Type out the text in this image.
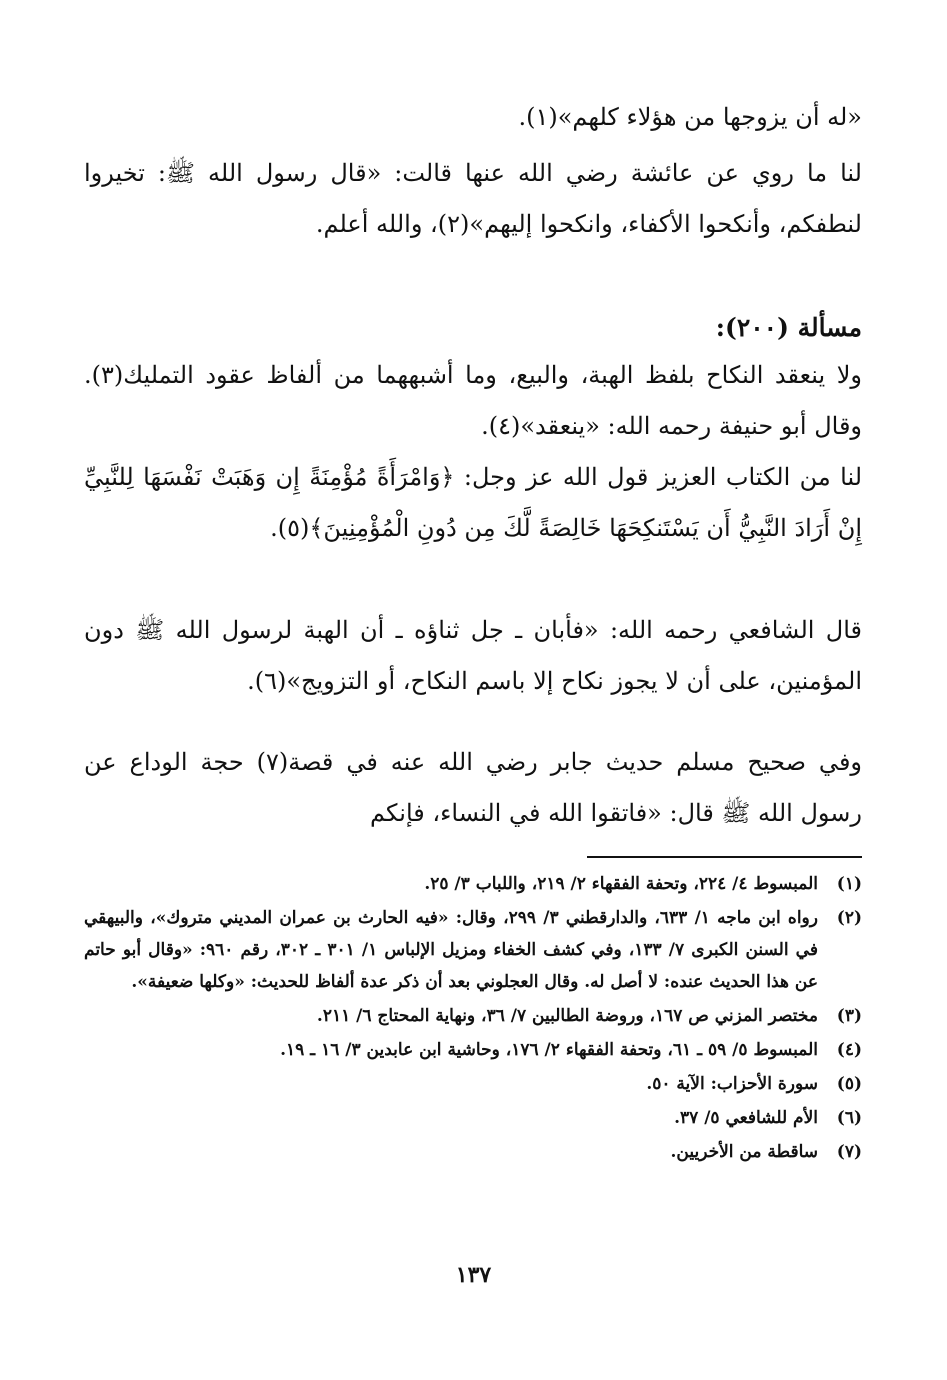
«له أن يزوجها من هؤلاء كلهم»(١).

لنا ما روي عن عائشة رضي الله عنها قالت: «قال رسول الله ﷺ: تخيروا لنطفكم، وأنكحوا الأكفاء، وانكحوا إليهم»(٢)، والله أعلم.

مسألة (٢٠٠):

ولا ينعقد النكاح بلفظ الهبة، والبيع، وما أشبههما من ألفاظ عقود التمليك(٣). وقال أبو حنيفة رحمه الله: «ينعقد»(٤).

لنا من الكتاب العزيز قول الله عز وجل: ﴿وَامْرَأَةً مُؤْمِنَةً إِن وَهَبَتْ نَفْسَهَا لِلنَّبِيِّ إِنْ أَرَادَ النَّبِيُّ أَن يَسْتَنكِحَهَا خَالِصَةً لَّكَ مِن دُونِ الْمُؤْمِنِينَ﴾(٥).

قال الشافعي رحمه الله: «فأبان ـ جل ثناؤه ـ أن الهبة لرسول الله ﷺ دون المؤمنين، على أن لا يجوز نكاح إلا باسم النكاح، أو التزويج»(٦).

وفي صحيح مسلم حديث جابر رضي الله عنه في قصة(٧) حجة الوداع عن رسول الله ﷺ قال: «فاتقوا الله في النساء، فإنكم

(١)
المبسوط ٤/ ٢٢٤، وتحفة الفقهاء ٢/ ٢١٩، واللباب ٣/ ٢٥.
(٢)
رواه ابن ماجه ١/ ٦٣٣، والدارقطني ٣/ ٢٩٩، وقال: «فيه الحارث بن عمران المديني متروك»، والبيهقي في السنن الكبرى ٧/ ١٣٣، وفي كشف الخفاء ومزيل الإلباس ١/ ٣٠١ ـ ٣٠٢، رقم ٩٦٠: «وقال أبو حاتم عن هذا الحديث عنده: لا أصل له. وقال العجلوني بعد أن ذكر عدة ألفاظ للحديث: «وكلها ضعيفة».
(٣)
مختصر المزني ص ١٦٧، وروضة الطالبين ٧/ ٣٦، ونهاية المحتاج ٦/ ٢١١.
(٤)
المبسوط ٥/ ٥٩ ـ ٦١، وتحفة الفقهاء ٢/ ١٧٦، وحاشية ابن عابدين ٣/ ١٦ ـ ١٩.
(٥)
سورة الأحزاب: الآية ٥٠.
(٦)
الأم للشافعي ٥/ ٣٧.
(٧)
ساقطة من الأخريين.
١٣٧
